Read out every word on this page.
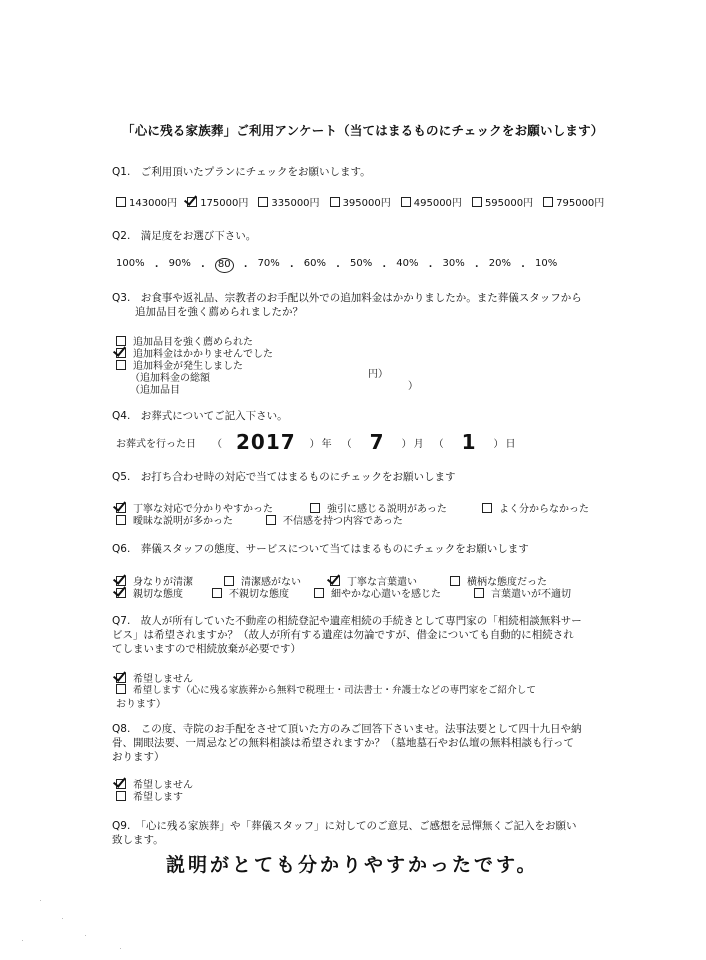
「心に残る家族葬」ご利用アンケート（当てはまるものにチェックをお願いします）
Q1.　ご利用頂いたプランにチェックをお願いします。
143000円	175000円	335000円	395000円	495000円	595000円	795000円
Q2.　満足度をお選び下さい。
100% ・ 90% ・	80	・ 70% ・ 60% ・ 50% ・ 40% ・ 30% ・ 20% ・ 10%
Q3.　お食事や返礼品、宗教者のお手配以外での追加料金はかかりましたか。また葬儀スタッフから
追加品目を強く薦められましたか？
追加品目を強く薦められた
追加料金はかかりませんでした
追加料金が発生しました
（追加料金の総額	円）
（追加品目	）
Q4.　お葬式についてご記入下さい。
お葬式を行った日 （ 2017 ） 年 （ 7 ） 月 （ 1 ） 日
Q5.　お打ち合わせ時の対応で当てはまるものにチェックをお願いします
丁寧な対応で分かりやすかった	強引に感じる説明があった	よく分からなかった
曖昧な説明が多かった	不信感を持つ内容であった
Q6.　葬儀スタッフの態度、サービスについて当てはまるものにチェックをお願いします
身なりが清潔	清潔感がない	丁寧な言葉遣い	横柄な態度だった
親切な態度	不親切な態度	細やかな心遣いを感じた	言葉遣いが不適切
Q7.　故人が所有していた不動産の相続登記や遺産相続の手続きとして専門家の「相続相談無料サー
ビス」は希望されますか？（故人が所有する遺産は勿論ですが、借金についても自動的に相続され
てしまいますので相続放棄が必要です）
希望しません
希望します（心に残る家族葬から無料で税理士・司法書士・弁護士などの専門家をご紹介して
おります）
Q8.　この度、寺院のお手配をさせて頂いた方のみご回答下さいませ。法事法要として四十九日や納
骨、開眼法要、一周忌などの無料相談は希望されますか？（墓地墓石やお仏壇の無料相談も行って
おります）
希望しません
希望します
Q9.　「心に残る家族葬」や「葬儀スタッフ」に対してのご意見、ご感想を忌憚無くご記入をお願い
致します。
説明がとても分かりやすかったです。
